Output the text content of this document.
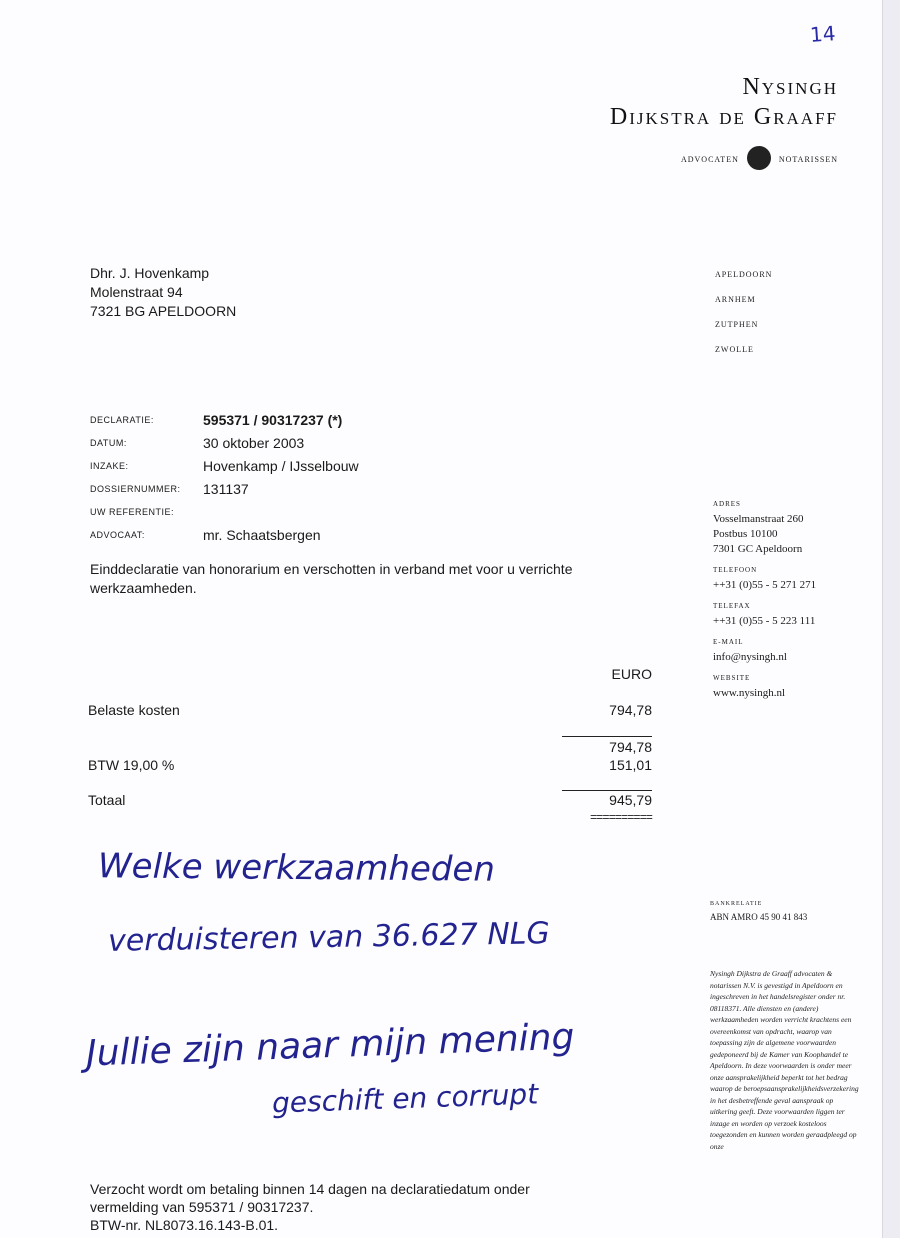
14
Nysingh
Dijkstra de Graaff
advocaten	notarissen
Dhr. J. Hovenkamp
Molenstraat 94
7321 BG APELDOORN
APELDOORN
ARNHEM
ZUTPHEN
ZWOLLE
DECLARATIE:	595371 / 90317237 (*)
DATUM:	30 oktober 2003
INZAKE:	Hovenkamp / IJsselbouw
DOSSIERNUMMER:	131137
UW REFERENTIE:
ADVOCAAT:	mr. Schaatsbergen
Einddeclaratie van honorarium en verschotten in verband met voor u verrichte werkzaamheden.
ADRES
Vosselmanstraat 260
Postbus 10100
7301 GC Apeldoorn
TELEFOON
++31 (0)55 - 5 271 271
TELEFAX
++31 (0)55 - 5 223 111
E-MAIL
info@nysingh.nl
WEBSITE
www.nysingh.nl
EURO
Belaste kosten	794,78
794,78
BTW 19,00 %	151,01
Totaal	945,79
==========
Welke werkzaamheden
verduisteren van 36.627 NLG
Jullie zijn naar mijn mening
geschift en corrupt
BANKRELATIE
ABN AMRO 45 90 41 843
Nysingh Dijkstra de Graaff advocaten & notarissen N.V. is gevestigd in Apeldoorn en ingeschreven in het handelsregister onder nr. 08118371. Alle diensten en (andere) werkzaamheden worden verricht krachtens een overeenkomst van opdracht, waarop van toepassing zijn de algemene voorwaarden gedeponeerd bij de Kamer van Koophandel te Apeldoorn. In deze voorwaarden is onder meer onze aansprakelijkheid beperkt tot het bedrag waarop de beroepsaansprakelijkheidsverzekering in het desbetreffende geval aanspraak op uitkering geeft. Deze voorwaarden liggen ter inzage en worden op verzoek kosteloos toegezonden en kunnen worden geraadpleegd op onze
Verzocht wordt om betaling binnen 14 dagen na declaratiedatum onder
vermelding van 595371 / 90317237.
BTW-nr. NL8073.16.143-B.01.
